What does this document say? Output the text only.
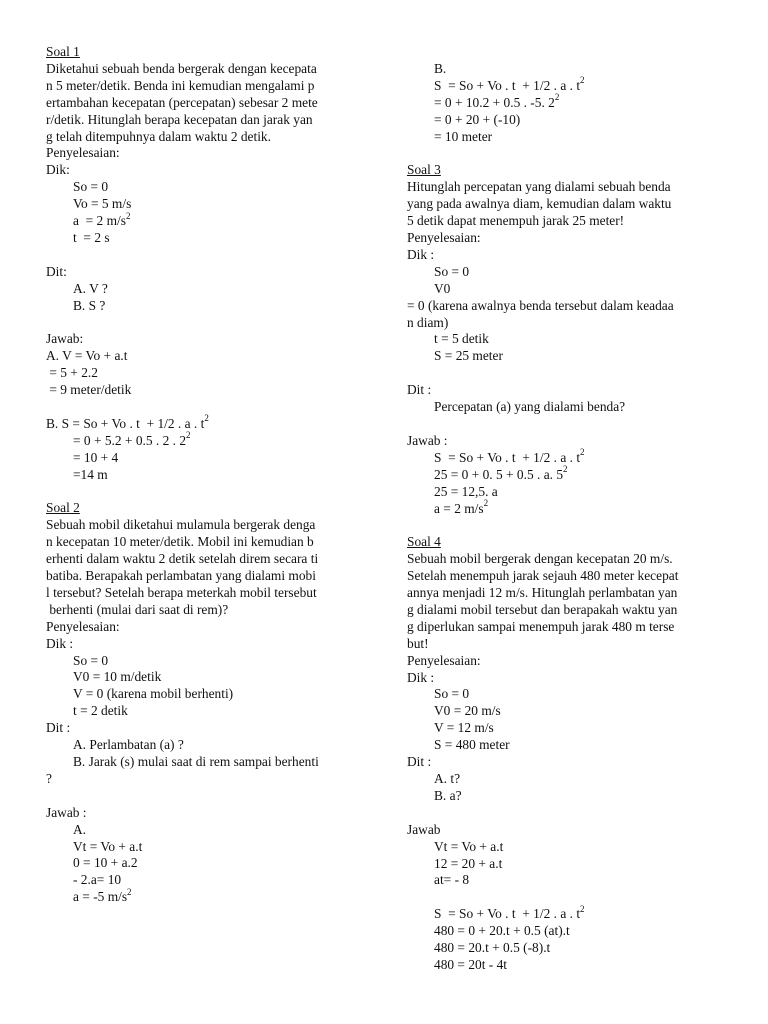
Soal 1
Diketahui sebuah benda bergerak dengan kecepata
n 5 meter/detik. Benda ini kemudian mengalami p
ertambahan kecepatan (percepatan) sebesar 2 mete
r/detik. Hitunglah berapa kecepatan dan jarak yan
g telah ditempuhnya dalam waktu 2 detik.
Penyelesaian:
Dik:
So = 0
Vo = 5 m/s
a  = 2 $m/s^2$
t  = 2 s
Dit:
A. V ?
B. S ?
Jawab:
A. V = Vo + a.t
= 5 + 2.2
= 9 meter/detik
B. S = So + Vo . t  + 1/2 . a . $t^2$
= 0 + 5.2 + 0.5 . 2 . $2^2$
= 10 + 4
=14 m
Soal 2
Sebuah mobil diketahui mulamula bergerak denga
n kecepatan 10 meter/detik. Mobil ini kemudian b
erhenti dalam waktu 2 detik setelah direm secara ti
batiba. Berapakah perlambatan yang dialami mobi
l tersebut? Setelah berapa meterkah mobil tersebut
berhenti (mulai dari saat di rem)?
Penyelesaian:
Dik :
So = 0
V0 = 10 m/detik
V = 0 (karena mobil berhenti)
t = 2 detik
Dit :
A. Perlambatan (a) ?
B. Jarak (s) mulai saat di rem sampai berhenti
?
Jawab :
A.
Vt = Vo + a.t
0 = 10 + a.2
- 2.a= 10
a = -5 $m/s^2$
B.
S  = So + Vo . t  + 1/2 . a . $t^2$
= 0 + 10.2 + 0.5 . -5. $2^2$
= 0 + 20 + (-10)
= 10 meter
Soal 3
Hitunglah percepatan yang dialami sebuah benda
yang pada awalnya diam, kemudian dalam waktu
5 detik dapat menempuh jarak 25 meter!
Penyelesaian:
Dik :
So = 0
V0
= 0 (karena awalnya benda tersebut dalam keadaa
n diam)
t = 5 detik
S = 25 meter
Dit :
Percepatan (a) yang dialami benda?
Jawab :
S  = So + Vo . t  + 1/2 . a . $t^2$
25 = 0 + 0. 5 + 0.5 . a. $5^2$
25 = 12,5. a
a = 2 $m/s^2$
Soal 4
Sebuah mobil bergerak dengan kecepatan 20 m/s.
Setelah menempuh jarak sejauh 480 meter kecepat
annya menjadi 12 m/s. Hitunglah perlambatan yan
g dialami mobil tersebut dan berapakah waktu yan
g diperlukan sampai menempuh jarak 480 m terse
but!
Penyelesaian:
Dik :
So = 0
V0 = 20 m/s
V = 12 m/s
S = 480 meter
Dit :
A. t?
B. a?
Jawab
Vt = Vo + a.t
12 = 20 + a.t
at= - 8
S  = So + Vo . t  + 1/2 . a . $t^2$
480 = 0 + 20.t + 0.5 (at).t
480 = 20.t + 0.5 (-8).t
480 = 20t - 4t
